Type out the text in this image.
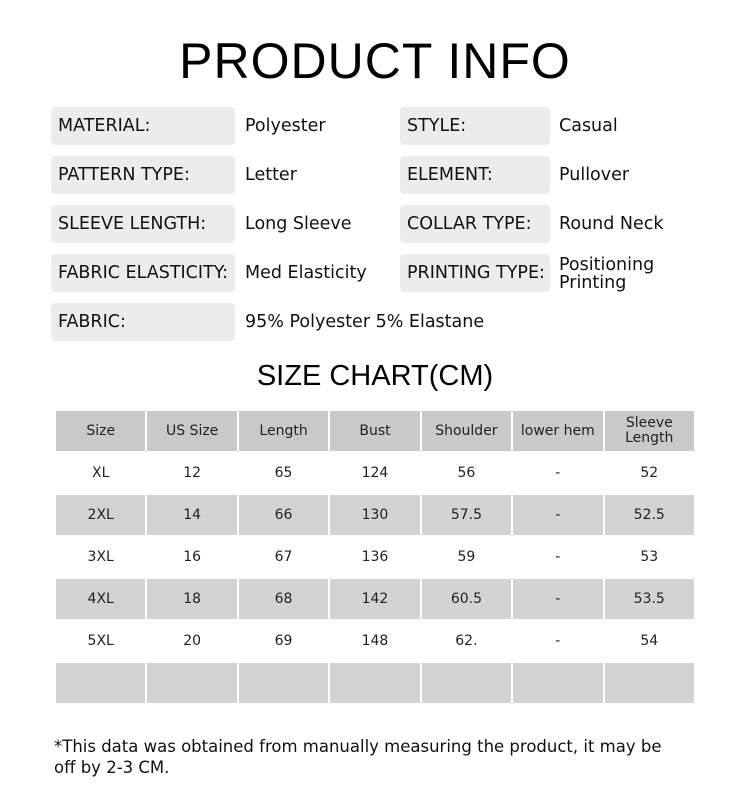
PRODUCT INFO
MATERIAL:	Polyester	STYLE:	Casual
PATTERN TYPE:	Letter	ELEMENT:	Pullover
SLEEVE LENGTH:	Long Sleeve	COLLAR TYPE:	Round Neck
FABRIC ELASTICITY: Med Elasticity	PRINTING TYPE: Positioning Printing
FABRIC:	95% Polyester 5% Elastane
SIZE CHART(CM)
Size	US Size	Length	Bust	Shoulder	lower hem	Sleeve Length
XL	12	65	124	56	-	52
2XL	14	66	130	57.5	-	52.5
3XL	16	67	136	59	-	53
4XL	18	68	142	60.5	-	53.5
5XL	20	69	148	62.	-	54

*This data was obtained from manually measuring the product, it may be off by 2-3 CM.
